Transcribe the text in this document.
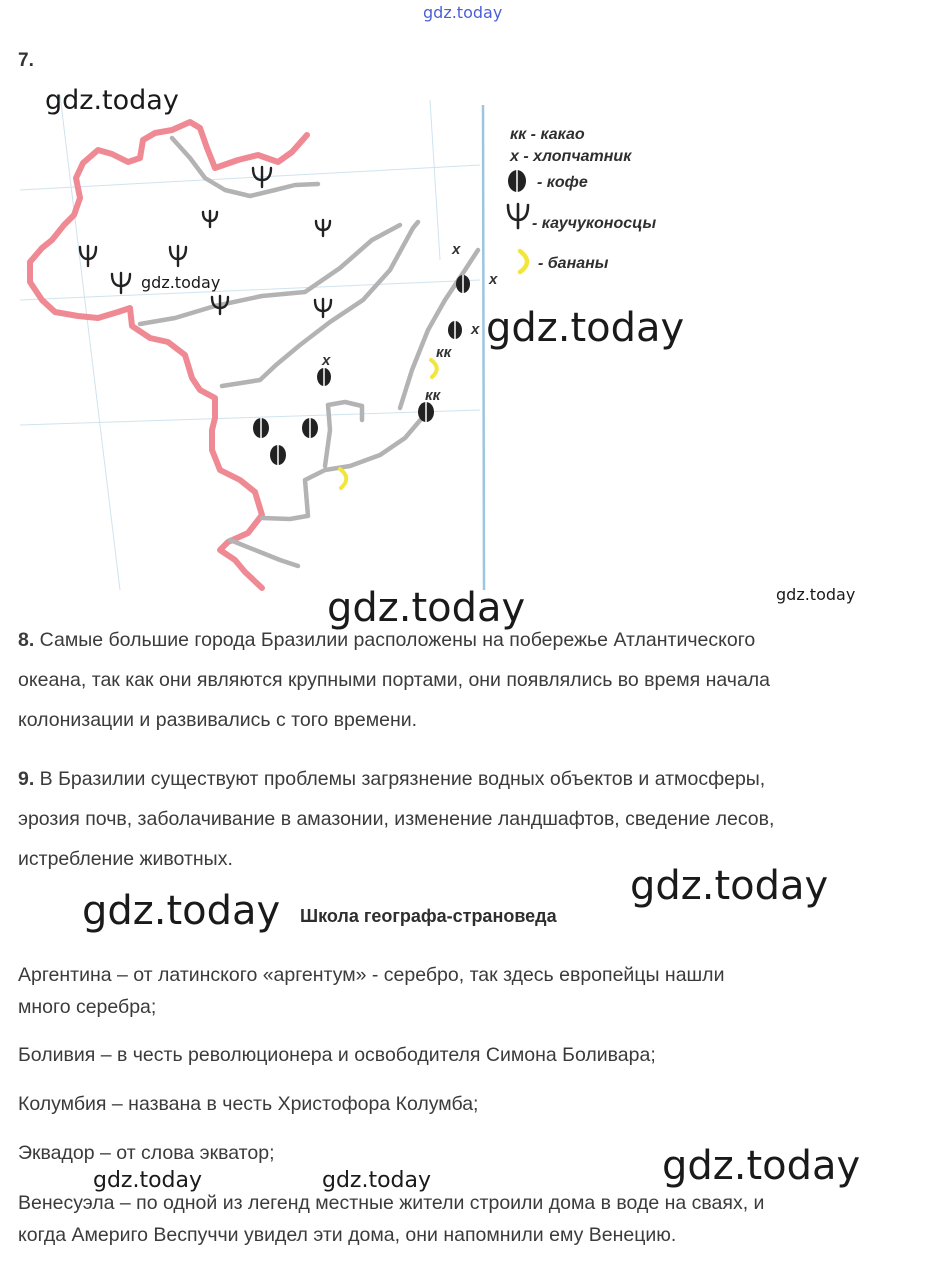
gdz.today
7.
х
х
х
х	кк
кк
кк - какао
х - хлопчатник
- кофе
- каучуконосцы
- бананы
gdz.today
gdz.today
gdz.today
gdz.today	gdz.today
8. Самые большие города Бразилии расположены на побережье Атлантического
океана, так как они являются крупными портами, они появлялись во время начала
колонизации и развивались с того времени.
9. В Бразилии существуют проблемы загрязнение водных объектов и атмосферы,
эрозия почв, заболачивание в амазонии, изменение ландшафтов, сведение лесов,
истребление животных.
gdz.today
gdz.today Школа географа-страноведа
Аргентина – от латинского «аргентум» - серебро, так здесь европейцы нашли
много серебра;
Боливия – в честь революционера и освободителя Симона Боливара;
Колумбия – названа в честь Христофора Колумба;
Эквадор – от слова экватор;
gdz.today	gdz.today	gdz.today
Венесуэла – по одной из легенд местные жители строили дома в воде на сваях, и
когда Америго Веспуччи увидел эти дома, они напомнили ему Венецию.
